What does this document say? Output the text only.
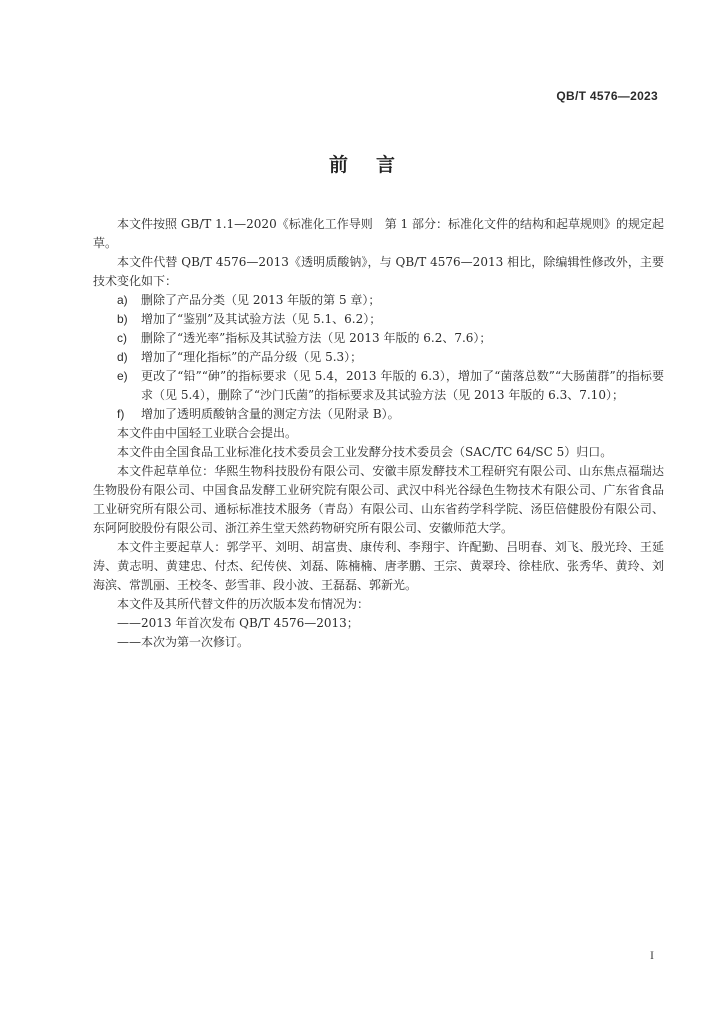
QB/T 4576—2023
前言

本文件按照 GB/T 1.1—2020《标准化工作导则　第 1 部分：标准化文件的结构和起草规则》的规定起草。

本文件代替 QB/T 4576—2013《透明质酸钠》，与 QB/T 4576—2013 相比，除编辑性修改外，主要技术变化如下：

a) 删除了产品分类（见 2013 年版的第 5 章）；

b) 增加了“鉴别”及其试验方法（见 5.1、6.2）；

c) 删除了“透光率”指标及其试验方法（见 2013 年版的 6.2、7.6）；

d) 增加了“理化指标”的产品分级（见 5.3）；

e) 更改了“铅”“砷”的指标要求（见 5.4，2013 年版的 6.3），增加了“菌落总数”“大肠菌群”的指标要求（见 5.4），删除了“沙门氏菌”的指标要求及其试验方法（见 2013 年版的 6.3、7.10）；

f) 增加了透明质酸钠含量的测定方法（见附录 B）。

本文件由中国轻工业联合会提出。

本文件由全国食品工业标准化技术委员会工业发酵分技术委员会（SAC/TC 64/SC 5）归口。

本文件起草单位：华熙生物科技股份有限公司、安徽丰原发酵技术工程研究有限公司、山东焦点福瑞达生物股份有限公司、中国食品发酵工业研究院有限公司、武汉中科光谷绿色生物技术有限公司、广东省食品工业研究所有限公司、通标标准技术服务（青岛）有限公司、山东省药学科学院、汤臣倍健股份有限公司、东阿阿胶股份有限公司、浙江养生堂天然药物研究所有限公司、安徽师范大学。

本文件主要起草人：郭学平、刘明、胡富贵、康传利、李翔宇、许配勤、吕明春、刘飞、殷光玲、王延涛、黄志明、黄建忠、付杰、纪传侠、刘磊、陈楠楠、唐孝鹏、王宗、黄翠玲、徐桂欣、张秀华、黄玲、刘海滨、常凯丽、王校冬、彭雪菲、段小波、王磊磊、郭新光。

本文件及其所代替文件的历次版本发布情况为：

——2013 年首次发布 QB/T 4576—2013；

——本次为第一次修订。

I
